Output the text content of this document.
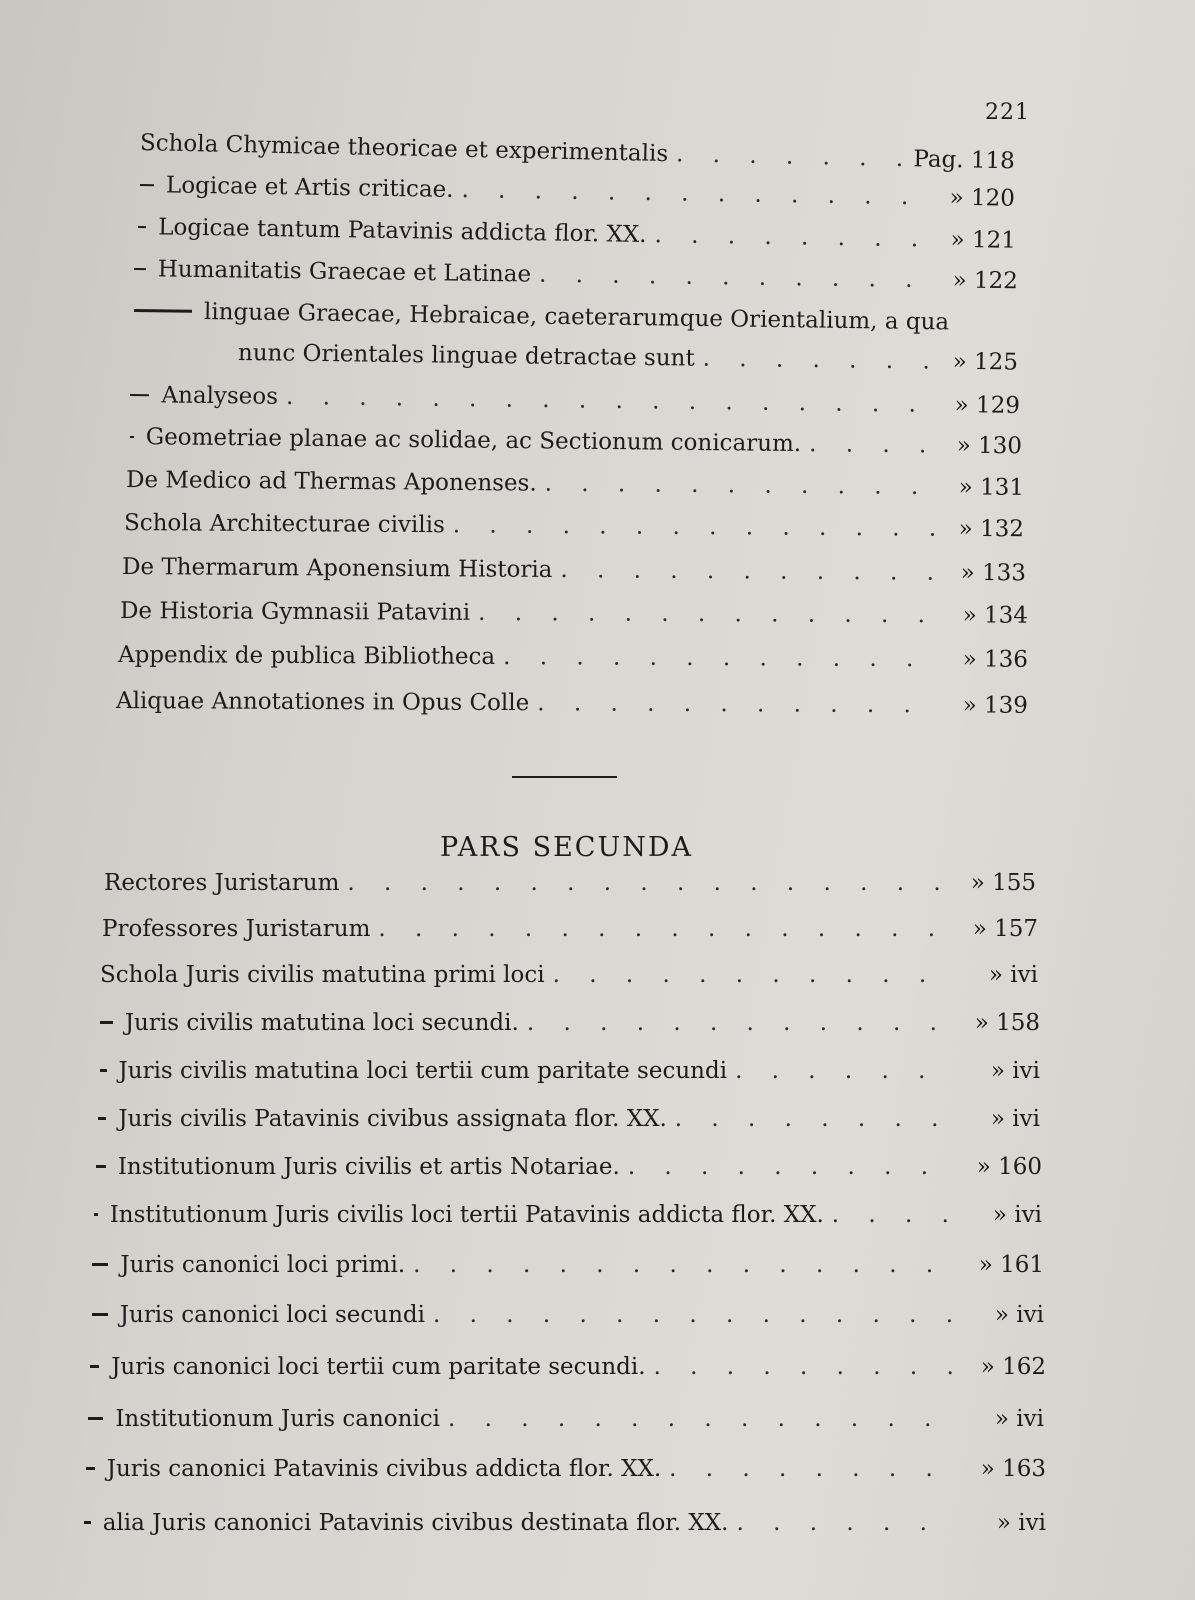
221
Schola Chymicae theoricae et experimentalis . . .	Pag. 118
Logicae et Artis criticae. . . .	» 120
Logicae tantum Patavinis addicta flor. XX. . . .	» 121
Humanitatis Graecae et Latinae . . .	» 122
linguae Graecae, Hebraicae, caeterarumque Orientalium, a qua
nunc Orientales linguae detractae sunt . . .	» 125
Analyseos . . .	» 129
Geometriae planae ac solidae, ac Sectionum conicarum. . . .	» 130
De Medico ad Thermas Aponenses. . . .	» 131
Schola Architecturae civilis . . .	» 132
De Thermarum Aponensium Historia . . .	» 133
De Historia Gymnasii Patavini . . .	» 134
Appendix de publica Bibliotheca . . .	» 136
Aliquae Annotationes in Opus Colle . . .	» 139
PARS SECUNDA
Rectores Juristarum . . .	» 155
Professores Juristarum . . .	» 157
Schola Juris civilis matutina primi loci . . .	» ivi
Juris civilis matutina loci secundi. . . .	» 158
Juris civilis matutina loci tertii cum paritate secundi . . .	» ivi
Juris civilis Patavinis civibus assignata flor. XX. . . .	» ivi
Institutionum Juris civilis et artis Notariae. . . .	» 160
Institutionum Juris civilis loci tertii Patavinis addicta flor. XX. . . .	» ivi
Juris canonici loci primi. . . .	» 161
Juris canonici loci secundi . . .	» ivi
Juris canonici loci tertii cum paritate secundi. . . .	» 162
Institutionum Juris canonici . . .	» ivi
Juris canonici Patavinis civibus addicta flor. XX. . . .	» 163
alia Juris canonici Patavinis civibus destinata flor. XX. . . .	» ivi
